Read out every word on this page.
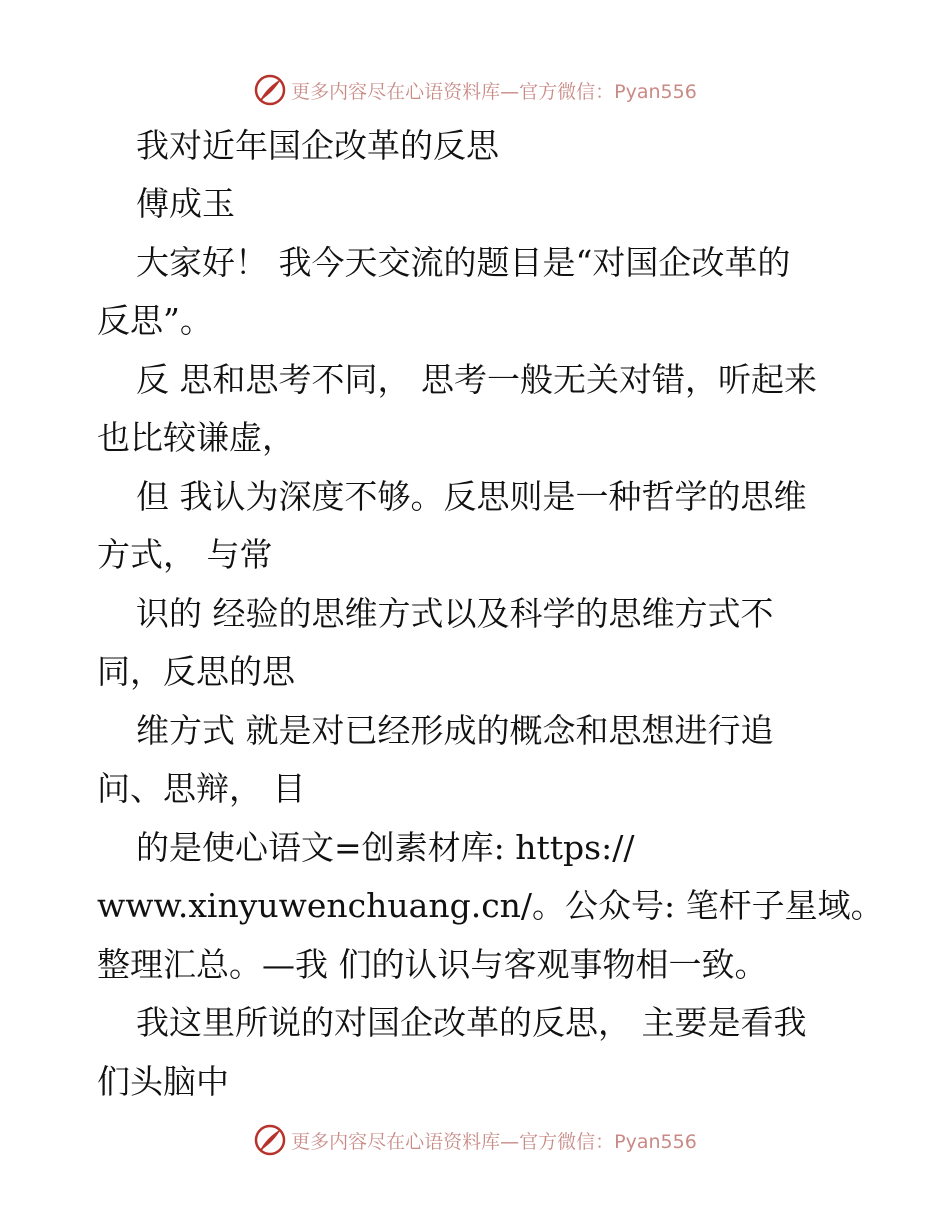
更多内容尽在心语资料库—官方微信：Pyan556
我对近年国企改革的反思
傅成玉
大家好！ 我今天交流的题目是“对国企改革的
反思”。
反 思和思考不同， 思考一般无关对错，听起来
也比较谦虚，
但 我认为深度不够。反思则是一种哲学的思维
方式， 与常
识的 经验的思维方式以及科学的思维方式不
同，反思的思
维方式 就是对已经形成的概念和思想进行追
问、思辩， 目
的是使心语文=创素材库: https://
www.xinyuwenchuang.cn/。公众号: 笔杆子星域。
整理汇总。—我 们的认识与客观事物相一致。
我这里所说的对国企改革的反思， 主要是看我
们头脑中
更多内容尽在心语资料库—官方微信：Pyan556
